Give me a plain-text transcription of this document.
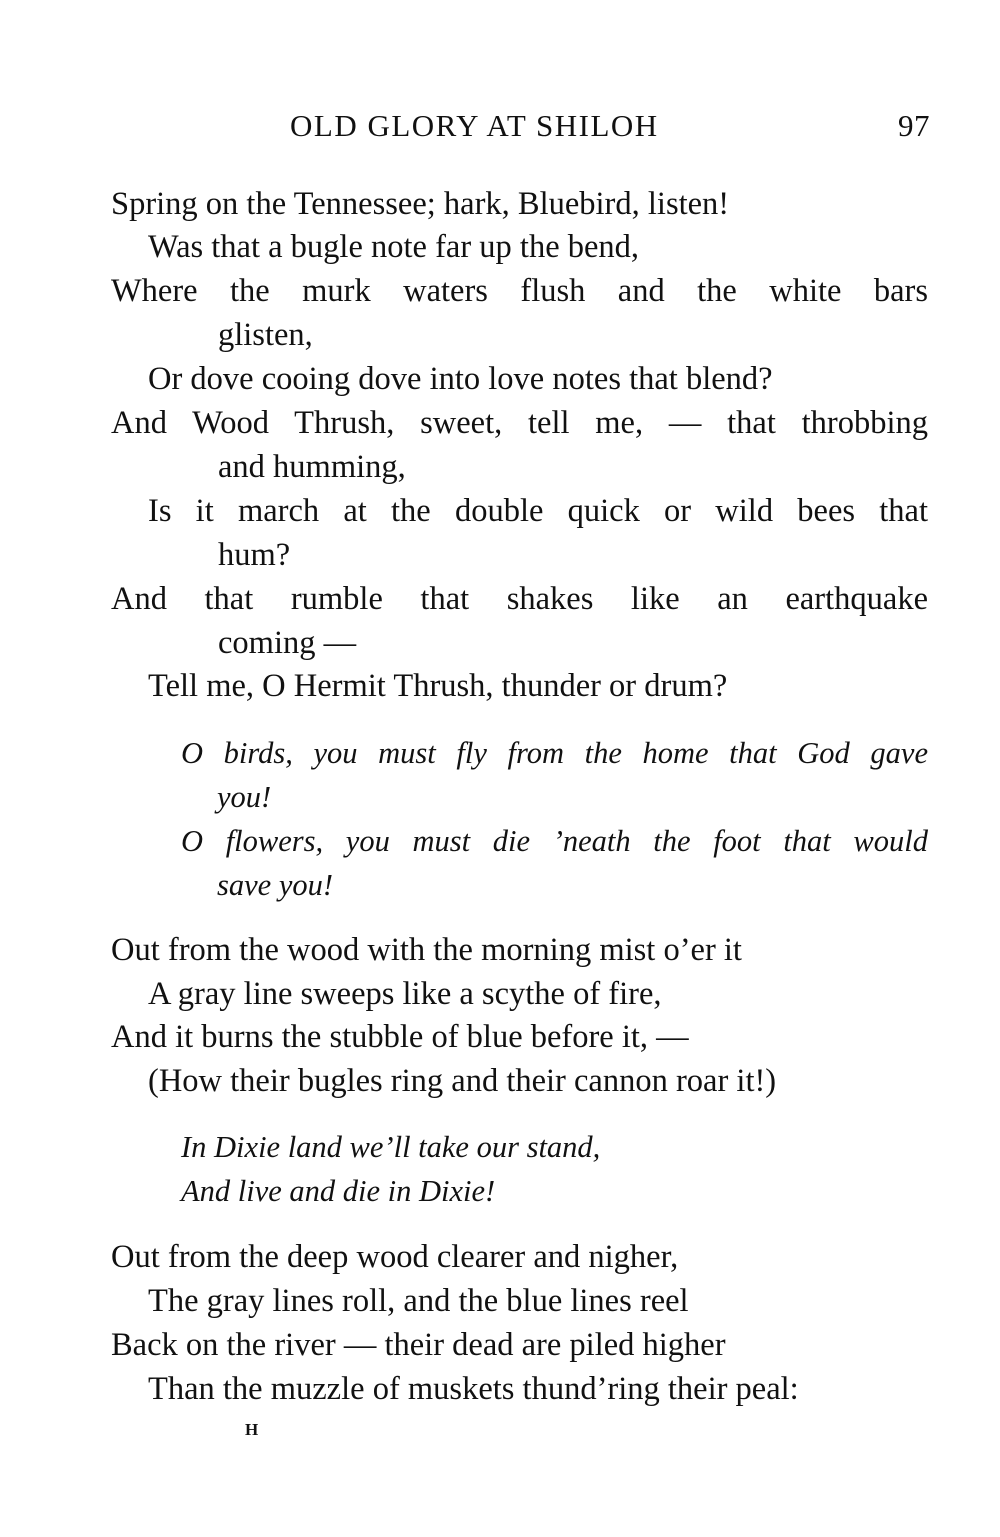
OLD GLORY AT SHILOH	97
Spring on the Tennessee; hark, Bluebird, listen!
Was that a bugle note far up the bend,
Where the murk waters flush and the white bars
glisten,
Or dove cooing dove into love notes that blend?
And Wood Thrush, sweet, tell me, — that throbbing
and humming,
Is it march at the double quick or wild bees that
hum?
And that rumble that shakes like an earthquake
coming —
Tell me, O Hermit Thrush, thunder or drum?
O birds, you must fly from the home that God gave
you!
O flowers, you must die ’neath the foot that would
save you!
Out from the wood with the morning mist o’er it
A gray line sweeps like a scythe of fire,
And it burns the stubble of blue before it, —
(How their bugles ring and their cannon roar it!)
In Dixie land we’ll take our stand,
And live and die in Dixie!
Out from the deep wood clearer and nigher,
The gray lines roll, and the blue lines reel
Back on the river — their dead are piled higher
Than the muzzle of muskets thund’ring their peal:
H
